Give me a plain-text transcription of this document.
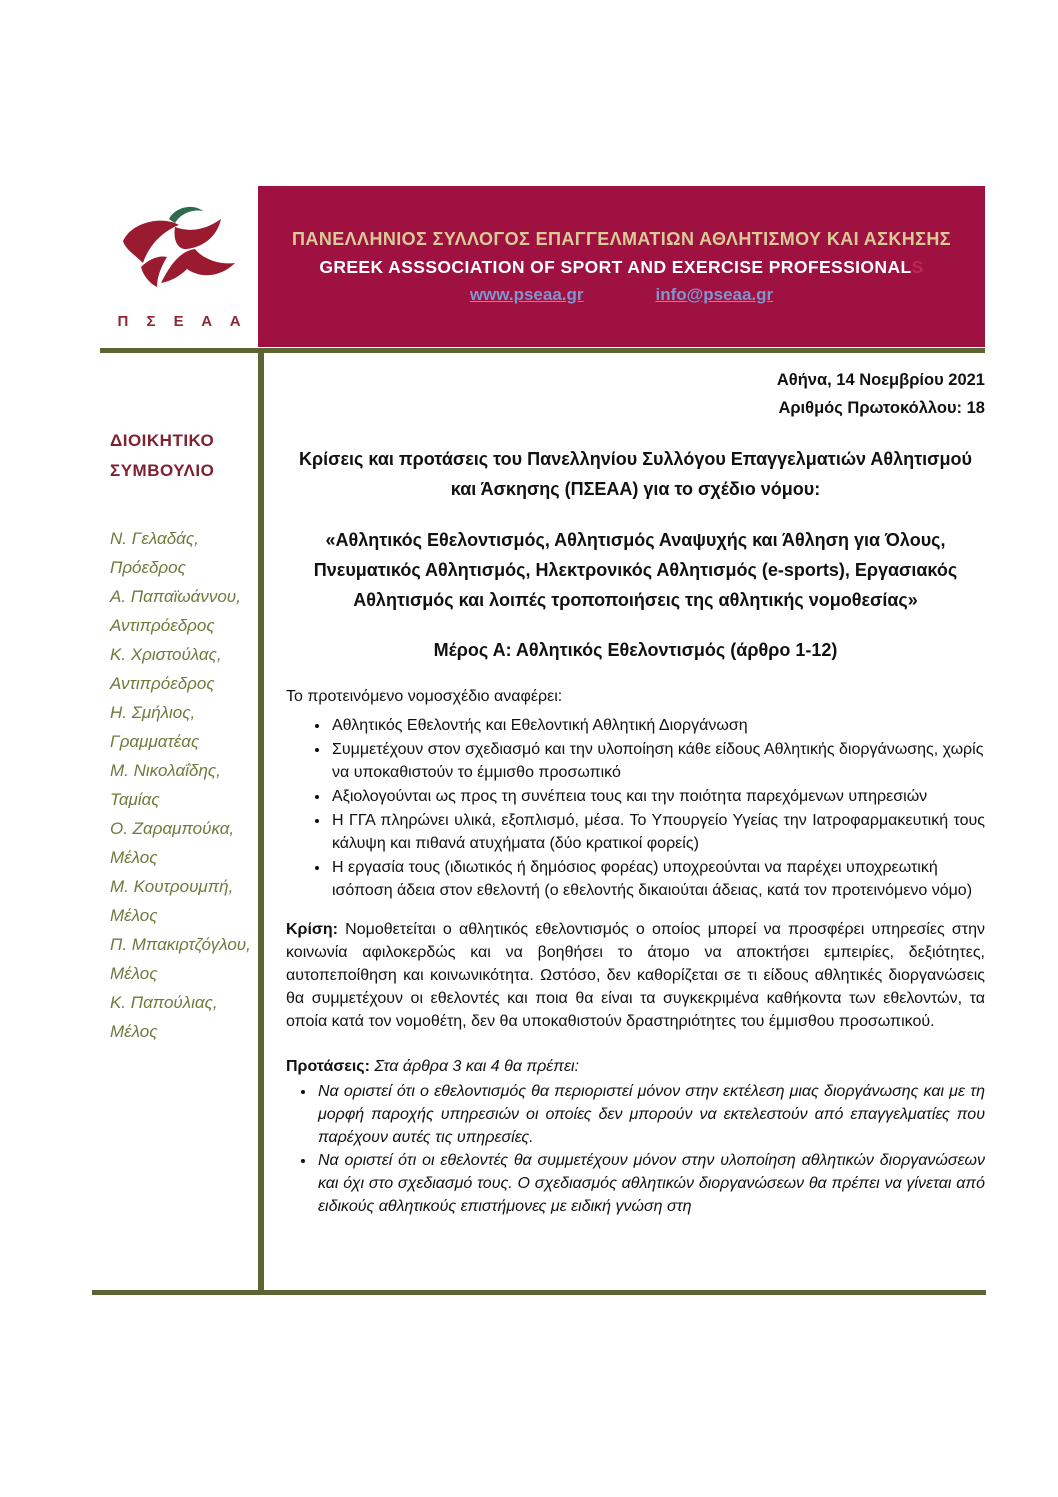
Π Σ Ε Α Α
ΠΑΝΕΛΛΗΝΙΟΣ ΣΥΛΛΟΓΟΣ ΕΠΑΓΓΕΛΜΑΤΙΩΝ ΑΘΛΗΤΙΣΜΟΥ ΚΑΙ ΑΣΚΗΣΗΣ
GREEK ASSSOCIATION OF SPORT AND EXERCISE PROFESSIONALS
www.pseaa.gr	info@pseaa.gr
ΔΙΟΙΚΗΤΙΚΟ
ΣΥΜΒΟΥΛΙΟ
Ν. Γελαδάς,
Πρόεδρος
Α. Παπαϊωάννου,
Αντιπρόεδρος
Κ. Χριστούλας,
Αντιπρόεδρος
Η. Σμήλιος,
Γραμματέας
Μ. Νικολαΐδης,
Ταμίας
Ο. Ζαραμπούκα,
Μέλος
Μ. Κουτρουμπή,
Μέλος
Π. Μπακιρτζόγλου,
Μέλος
Κ. Παπούλιας,
Μέλος
Αθήνα, 14 Νοεμβρίου 2021
Αριθμός Πρωτοκόλλου: 18
Κρίσεις και προτάσεις του Πανελληνίου Συλλόγου Επαγγελματιών Αθλητισμού και Άσκησης (ΠΣΕΑΑ) για το σχέδιο νόμου:
«Αθλητικός Εθελοντισμός, Αθλητισμός Αναψυχής και Άθληση για Όλους, Πνευματικός Αθλητισμός, Ηλεκτρονικός Αθλητισμός (e-sports), Εργασιακός Αθλητισμός και λοιπές τροποποιήσεις της αθλητικής νομοθεσίας»
Μέρος Α: Αθλητικός Εθελοντισμός (άρθρο 1-12)
Το προτεινόμενο νομοσχέδιο αναφέρει:
• Αθλητικός Εθελοντής και Εθελοντική Αθλητική Διοργάνωση
• Συμμετέχουν στον σχεδιασμό και την υλοποίηση κάθε είδους Αθλητικής διοργάνωσης, χωρίς να υποκαθιστούν το έμμισθο προσωπικό
• Αξιολογούνται ως προς τη συνέπεια τους και την ποιότητα παρεχόμενων υπηρεσιών
• Η ΓΓΑ πληρώνει υλικά, εξοπλισμό, μέσα. Το Υπουργείο Υγείας την Ιατροφαρμακευτική τους κάλυψη και πιθανά ατυχήματα (δύο κρατικοί φορείς)
• Η εργασία τους (ιδιωτικός ή δημόσιος φορέας) υποχρεούνται να παρέχει υποχρεωτική ισόποση άδεια στον εθελοντή (ο εθελοντής δικαιούται άδειας, κατά τον προτεινόμενο νόμο)
Κρίση: Νομοθετείται ο αθλητικός εθελοντισμός ο οποίος μπορεί να προσφέρει υπηρεσίες στην κοινωνία αφιλοκερδώς και να βοηθήσει το άτομο να αποκτήσει εμπειρίες, δεξιότητες, αυτοπεποίθηση και κοινωνικότητα. Ωστόσο, δεν καθορίζεται σε τι είδους αθλητικές διοργανώσεις θα συμμετέχουν οι εθελοντές και ποια θα είναι τα συγκεκριμένα καθήκοντα των εθελοντών, τα οποία κατά τον νομοθέτη, δεν θα υποκαθιστούν δραστηριότητες του έμμισθου προσωπικού.
Προτάσεις: Στα άρθρα 3 και 4 θα πρέπει:
• Να οριστεί ότι ο εθελοντισμός θα περιοριστεί μόνον στην εκτέλεση μιας διοργάνωσης και με τη μορφή παροχής υπηρεσιών οι οποίες δεν μπορούν να εκτελεστούν από επαγγελματίες που παρέχουν αυτές τις υπηρεσίες.
• Να οριστεί ότι οι εθελοντές θα συμμετέχουν μόνον στην υλοποίηση αθλητικών διοργανώσεων και όχι στο σχεδιασμό τους. Ο σχεδιασμός αθλητικών διοργανώσεων θα πρέπει να γίνεται από ειδικούς αθλητικούς επιστήμονες με ειδική γνώση στη
